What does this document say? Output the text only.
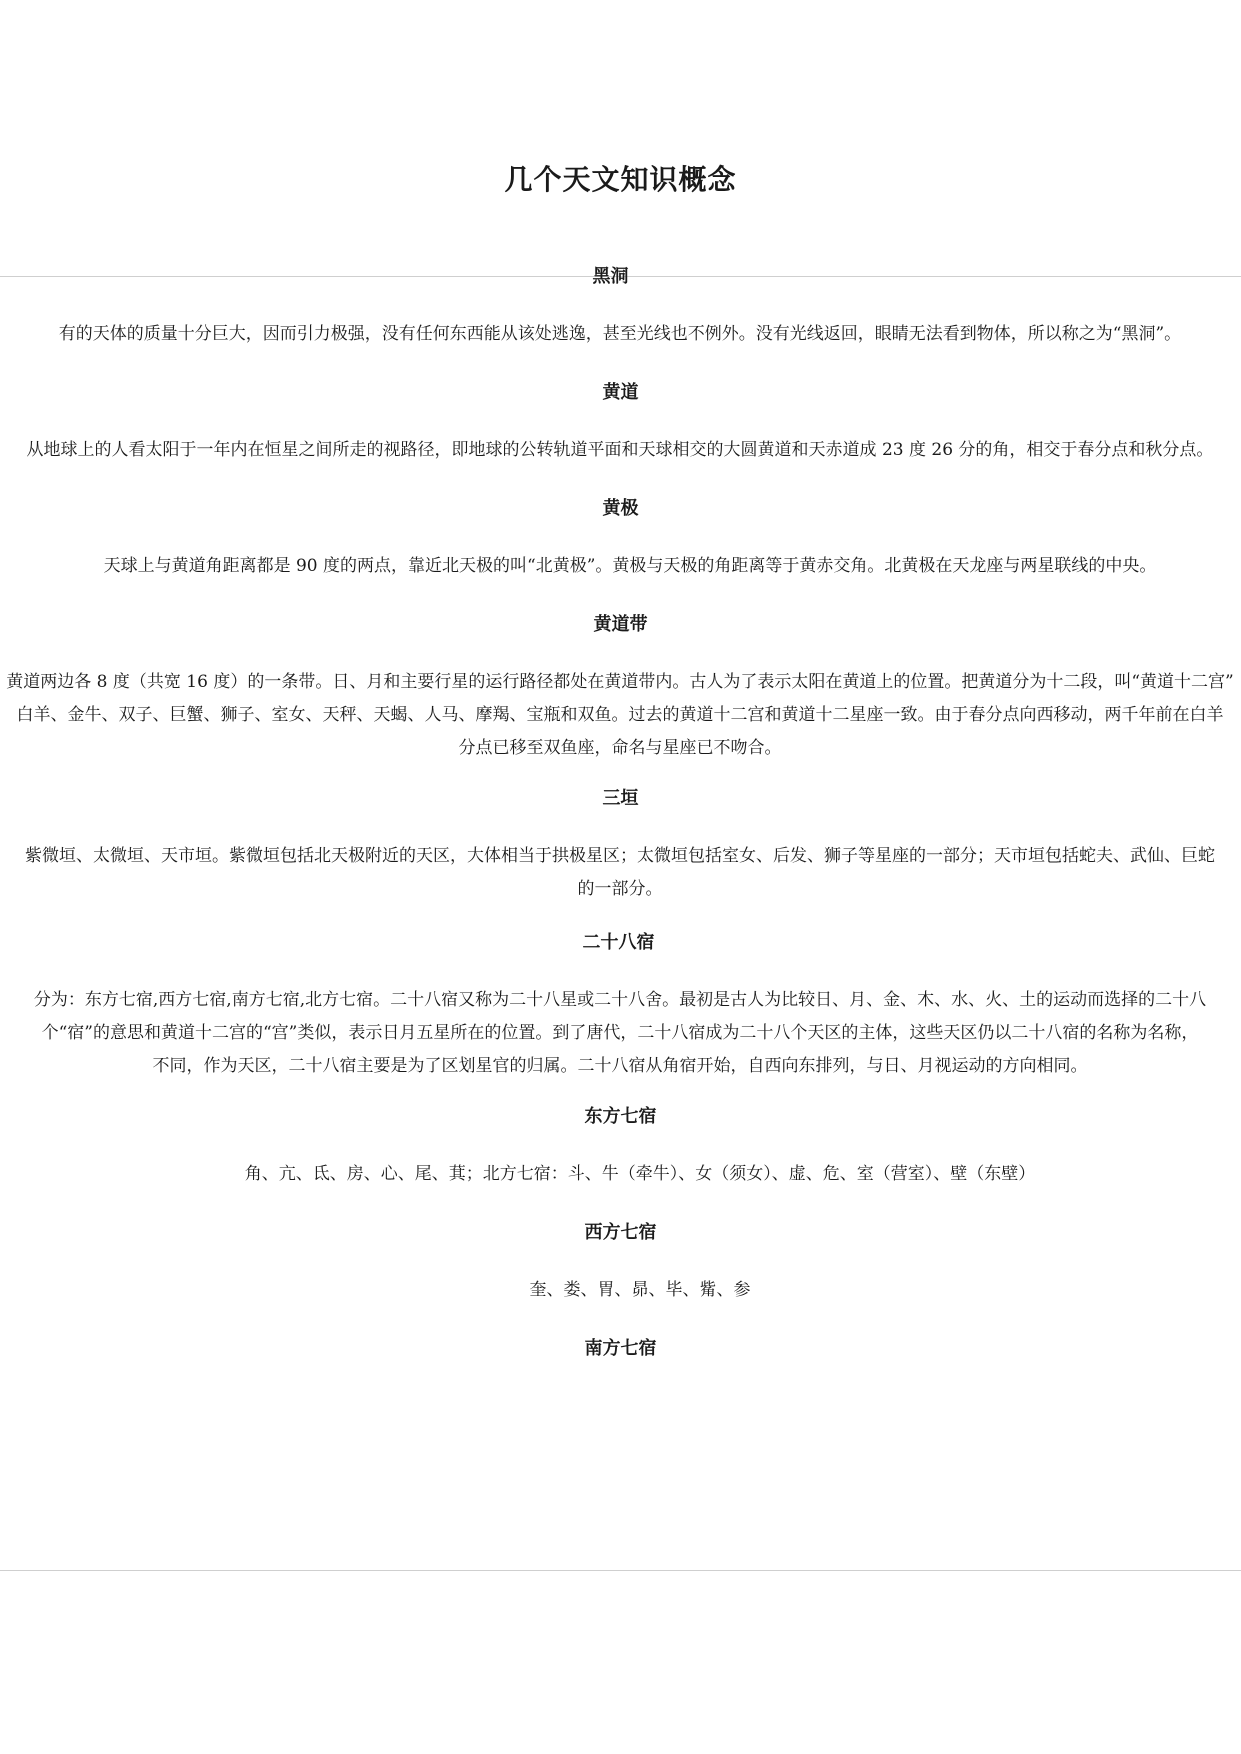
几个天文知识概念
黑洞
有的天体的质量十分巨大，因而引力极强，没有任何东西能从该处逃逸，甚至光线也不例外。没有光线返回，眼睛无法看到物体，所以称之为“黑洞”。
黄道
从地球上的人看太阳于一年内在恒星之间所走的视路径，即地球的公转轨道平面和天球相交的大圆黄道和天赤道成 23 度 26 分的角，相交于春分点和秋分点。
黄极
天球上与黄道角距离都是 90 度的两点，靠近北天极的叫“北黄极”。黄极与天极的角距离等于黄赤交角。北黄极在天龙座与两星联线的中央。
黄道带
黄道两边各 8 度（共宽 16 度）的一条带。日、月和主要行星的运行路径都处在黄道带内。古人为了表示太阳在黄道上的位置。把黄道分为十二段，叫“黄道十二宫”
白羊、金牛、双子、巨蟹、狮子、室女、天秤、天蝎、人马、摩羯、宝瓶和双鱼。过去的黄道十二宫和黄道十二星座一致。由于春分点向西移动，两千年前在白羊
分点已移至双鱼座，命名与星座已不吻合。
三垣
紫微垣、太微垣、天市垣。紫微垣包括北天极附近的天区，大体相当于拱极星区；太微垣包括室女、后发、狮子等星座的一部分；天市垣包括蛇夫、武仙、巨蛇
的一部分。
二十八宿
分为：东方七宿,西方七宿,南方七宿,北方七宿。二十八宿又称为二十八星或二十八舍。最初是古人为比较日、月、金、木、水、火、土的运动而选择的二十八
个“宿”的意思和黄道十二宫的“宫”类似，表示日月五星所在的位置。到了唐代，二十八宿成为二十八个天区的主体，这些天区仍以二十八宿的名称为名称，
不同，作为天区，二十八宿主要是为了区划星官的归属。二十八宿从角宿开始，自西向东排列，与日、月视运动的方向相同。
东方七宿
角、亢、氐、房、心、尾、萁；北方七宿：斗、牛（牵牛）、女（须女）、虚、危、室（营室）、壁（东壁）
西方七宿
奎、娄、胃、昴、毕、觜、参
南方七宿
